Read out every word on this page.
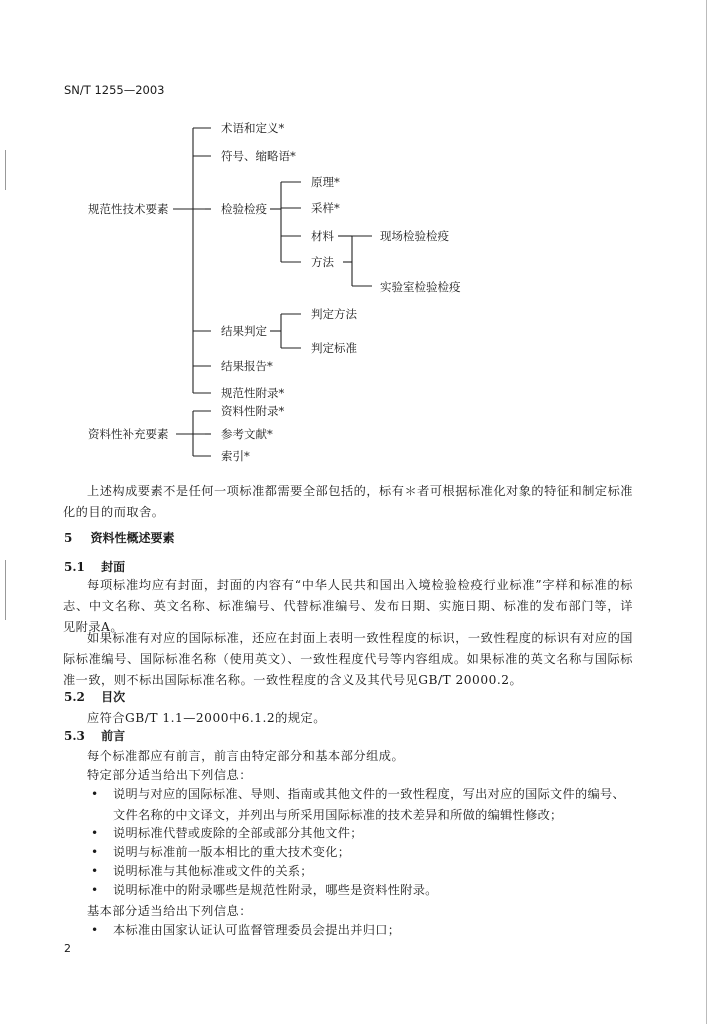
SN/T 1255—2003
规范性技术要素
资料性补充要素
术语和定义*
符号、缩略语*
检验检疫
原理*
采样*
材料
方法
现场检验检疫
实验室检验检疫
结果判定
判定方法
判定标准
结果报告*
规范性附录*
资料性附录*
参考文献*
索引*
上述构成要素不是任何一项标准都需要全部包括的，标有＊者可根据标准化对象的特征和制定标准化的目的而取舍。
5 资料性概述要素
5.1 封面
每项标准均应有封面，封面的内容有“中华人民共和国出入境检验检疫行业标准”字样和标准的标志、中文名称、英文名称、标准编号、代替标准编号、发布日期、实施日期、标准的发布部门等，详见附录A。
如果标准有对应的国际标准，还应在封面上表明一致性程度的标识，一致性程度的标识有对应的国际标准编号、国际标准名称（使用英文）、一致性程度代号等内容组成。如果标准的英文名称与国际标准一致，则不标出国际标准名称。一致性程度的含义及其代号见GB/T 20000.2。
5.2 目次
应符合GB/T 1.1—2000中6.1.2的规定。
5.3 前言
每个标准都应有前言，前言由特定部分和基本部分组成。
特定部分适当给出下列信息：
• 说明与对应的国际标准、导则、指南或其他文件的一致性程度，写出对应的国际文件的编号、文件名称的中文译文，并列出与所采用国际标准的技术差异和所做的编辑性修改；
• 说明标准代替或废除的全部或部分其他文件；
• 说明与标准前一版本相比的重大技术变化；
• 说明标准与其他标准或文件的关系；
• 说明标准中的附录哪些是规范性附录，哪些是资料性附录。
基本部分适当给出下列信息：
• 本标准由国家认证认可监督管理委员会提出并归口；
2
